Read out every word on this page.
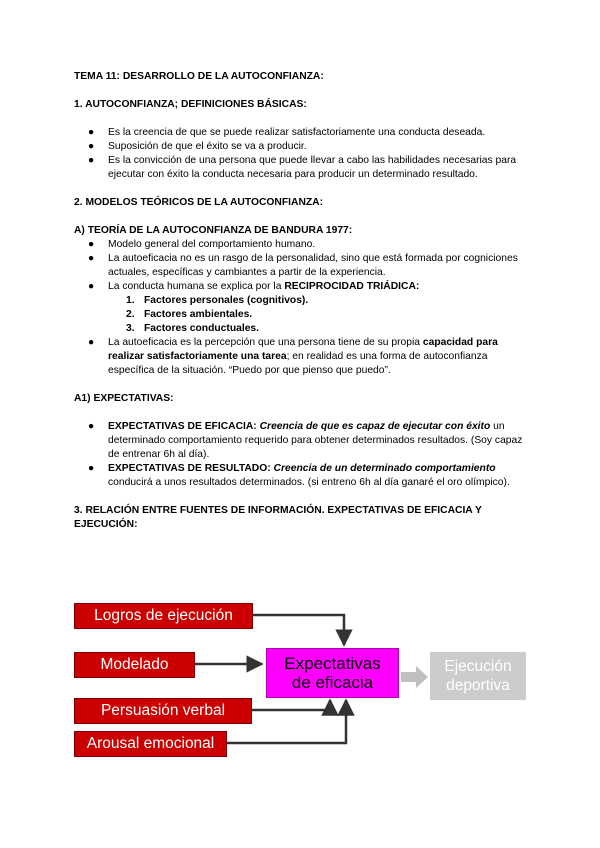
TEMA 11: DESARROLLO DE LA AUTOCONFIANZA:

1. AUTOCONFIANZA; DEFINICIONES BÁSICAS:

● Es la creencia de que se puede realizar satisfactoriamente una conducta deseada.
● Suposición de que el éxito se va a producir.
● Es la convicción de una persona que puede llevar a cabo las habilidades necesarias para ejecutar con éxito la conducta necesaria para producir un determinado resultado.

2. MODELOS TEÓRICOS DE LA AUTOCONFIANZA:

A) TEORÍA DE LA AUTOCONFIANZA DE BANDURA 1977:

● Modelo general del comportamiento humano.
● La autoeficacia no es un rasgo de la personalidad, sino que está formada por cogniciones actuales, específicas y cambiantes a partir de la experiencia.
● La conducta humana se explica por la RECIPROCIDAD TRIÁDICA:
1. Factores personales (cognitivos).
2. Factores ambientales.
3. Factores conductuales.
● La autoeficacia es la percepción que una persona tiene de su propia capacidad para realizar satisfactoriamente una tarea; en realidad es una forma de autoconfianza específica de la situación. “Puedo por que pienso que puedo”.

A1) EXPECTATIVAS:

● EXPECTATIVAS DE EFICACIA: Creencia de que es capaz de ejecutar con éxito un determinado comportamiento requerido para obtener determinados resultados. (Soy capaz de entrenar 6h al día).
● EXPECTATIVAS DE RESULTADO: Creencia de un determinado comportamiento conducirá a unos resultados determinados. (si entreno 6h al día ganaré el oro olímpico).

3. RELACIÓN ENTRE FUENTES DE INFORMACIÓN. EXPECTATIVAS DE EFICACIA Y EJECUCIÓN:

Logros de ejecución
Modelado
Persuasión verbal
Arousal emocional
Expectativas
de eficacia
Ejecución
deportiva
